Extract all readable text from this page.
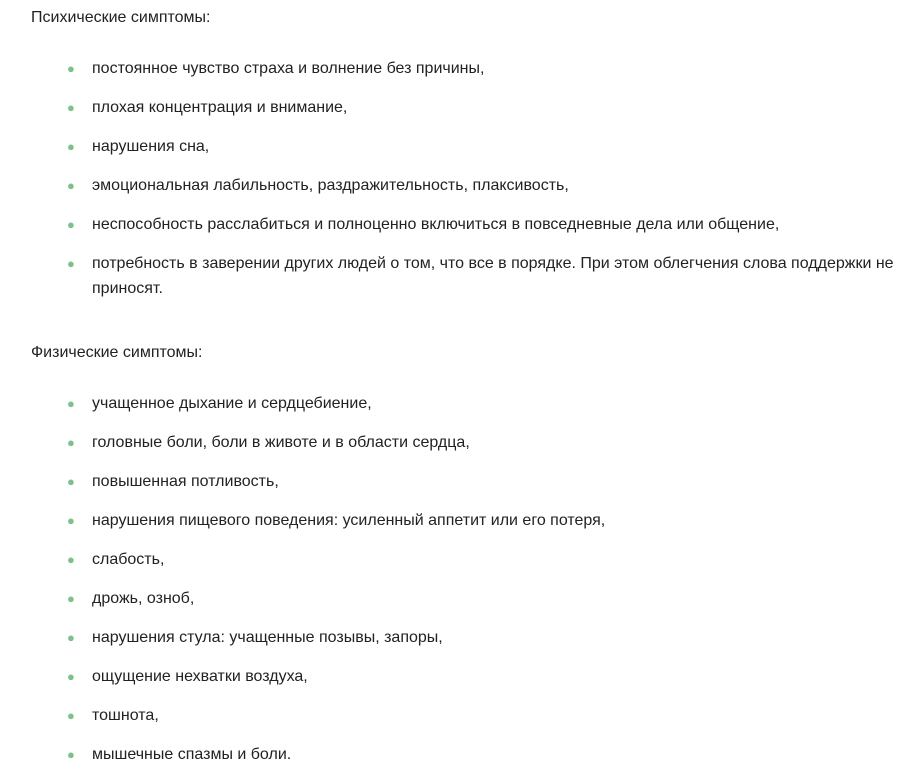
Психические симптомы:
● постоянное чувство страха и волнение без причины,
● плохая концентрация и внимание,
● нарушения сна,
● эмоциональная лабильность, раздражительность, плаксивость,
● неспособность расслабиться и полноценно включиться в повседневные дела или общение,
● потребность в заверении других людей о том, что все в порядке. При этом облегчения слова поддержки не приносят.
Физические симптомы:
● учащенное дыхание и сердцебиение,
● головные боли, боли в животе и в области сердца,
● повышенная потливость,
● нарушения пищевого поведения: усиленный аппетит или его потеря,
● слабость,
● дрожь, озноб,
● нарушения стула: учащенные позывы, запоры,
● ощущение нехватки воздуха,
● тошнота,
● мышечные спазмы и боли.
